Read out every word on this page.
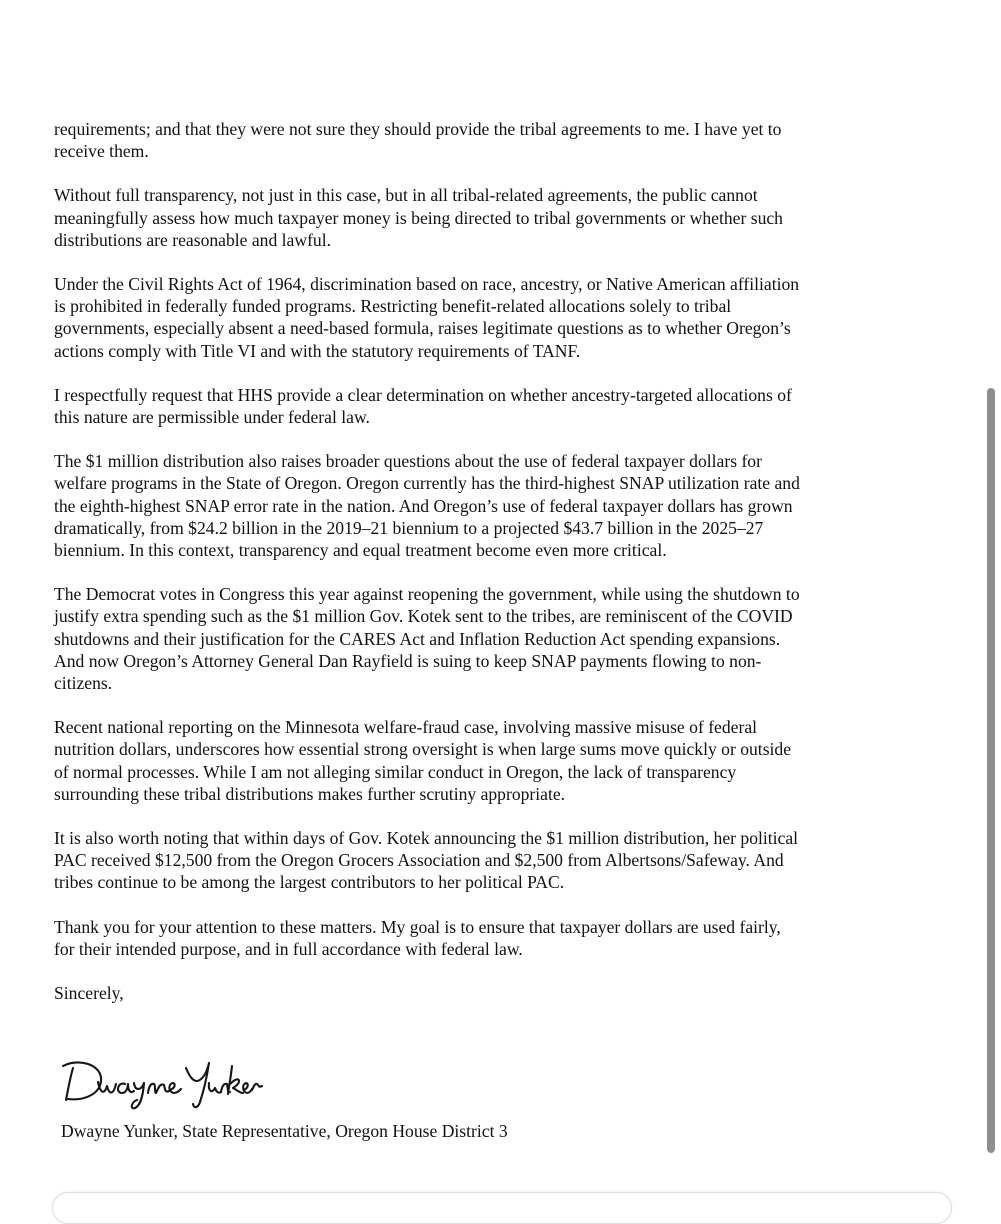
requirements; and that they were not sure they should provide the tribal agreements to me. I have yet to
receive them.
Without full transparency, not just in this case, but in all tribal-related agreements, the public cannot
meaningfully assess how much taxpayer money is being directed to tribal governments or whether such
distributions are reasonable and lawful.
Under the Civil Rights Act of 1964, discrimination based on race, ancestry, or Native American affiliation
is prohibited in federally funded programs. Restricting benefit-related allocations solely to tribal
governments, especially absent a need-based formula, raises legitimate questions as to whether Oregon’s
actions comply with Title VI and with the statutory requirements of TANF.
I respectfully request that HHS provide a clear determination on whether ancestry-targeted allocations of
this nature are permissible under federal law.
The $1 million distribution also raises broader questions about the use of federal taxpayer dollars for
welfare programs in the State of Oregon. Oregon currently has the third-highest SNAP utilization rate and
the eighth-highest SNAP error rate in the nation. And Oregon’s use of federal taxpayer dollars has grown
dramatically, from $24.2 billion in the 2019–21 biennium to a projected $43.7 billion in the 2025–27
biennium. In this context, transparency and equal treatment become even more critical.
The Democrat votes in Congress this year against reopening the government, while using the shutdown to
justify extra spending such as the $1 million Gov. Kotek sent to the tribes, are reminiscent of the COVID
shutdowns and their justification for the CARES Act and Inflation Reduction Act spending expansions.
And now Oregon’s Attorney General Dan Rayfield is suing to keep SNAP payments flowing to non-
citizens.
Recent national reporting on the Minnesota welfare-fraud case, involving massive misuse of federal
nutrition dollars, underscores how essential strong oversight is when large sums move quickly or outside
of normal processes. While I am not alleging similar conduct in Oregon, the lack of transparency
surrounding these tribal distributions makes further scrutiny appropriate.
It is also worth noting that within days of Gov. Kotek announcing the $1 million distribution, her political
PAC received $12,500 from the Oregon Grocers Association and $2,500 from Albertsons/Safeway. And
tribes continue to be among the largest contributors to her political PAC.
Thank you for your attention to these matters. My goal is to ensure that taxpayer dollars are used fairly,
for their intended purpose, and in full accordance with federal law.

Sincerely,

Dwayne Yunker, State Representative, Oregon House District 3
